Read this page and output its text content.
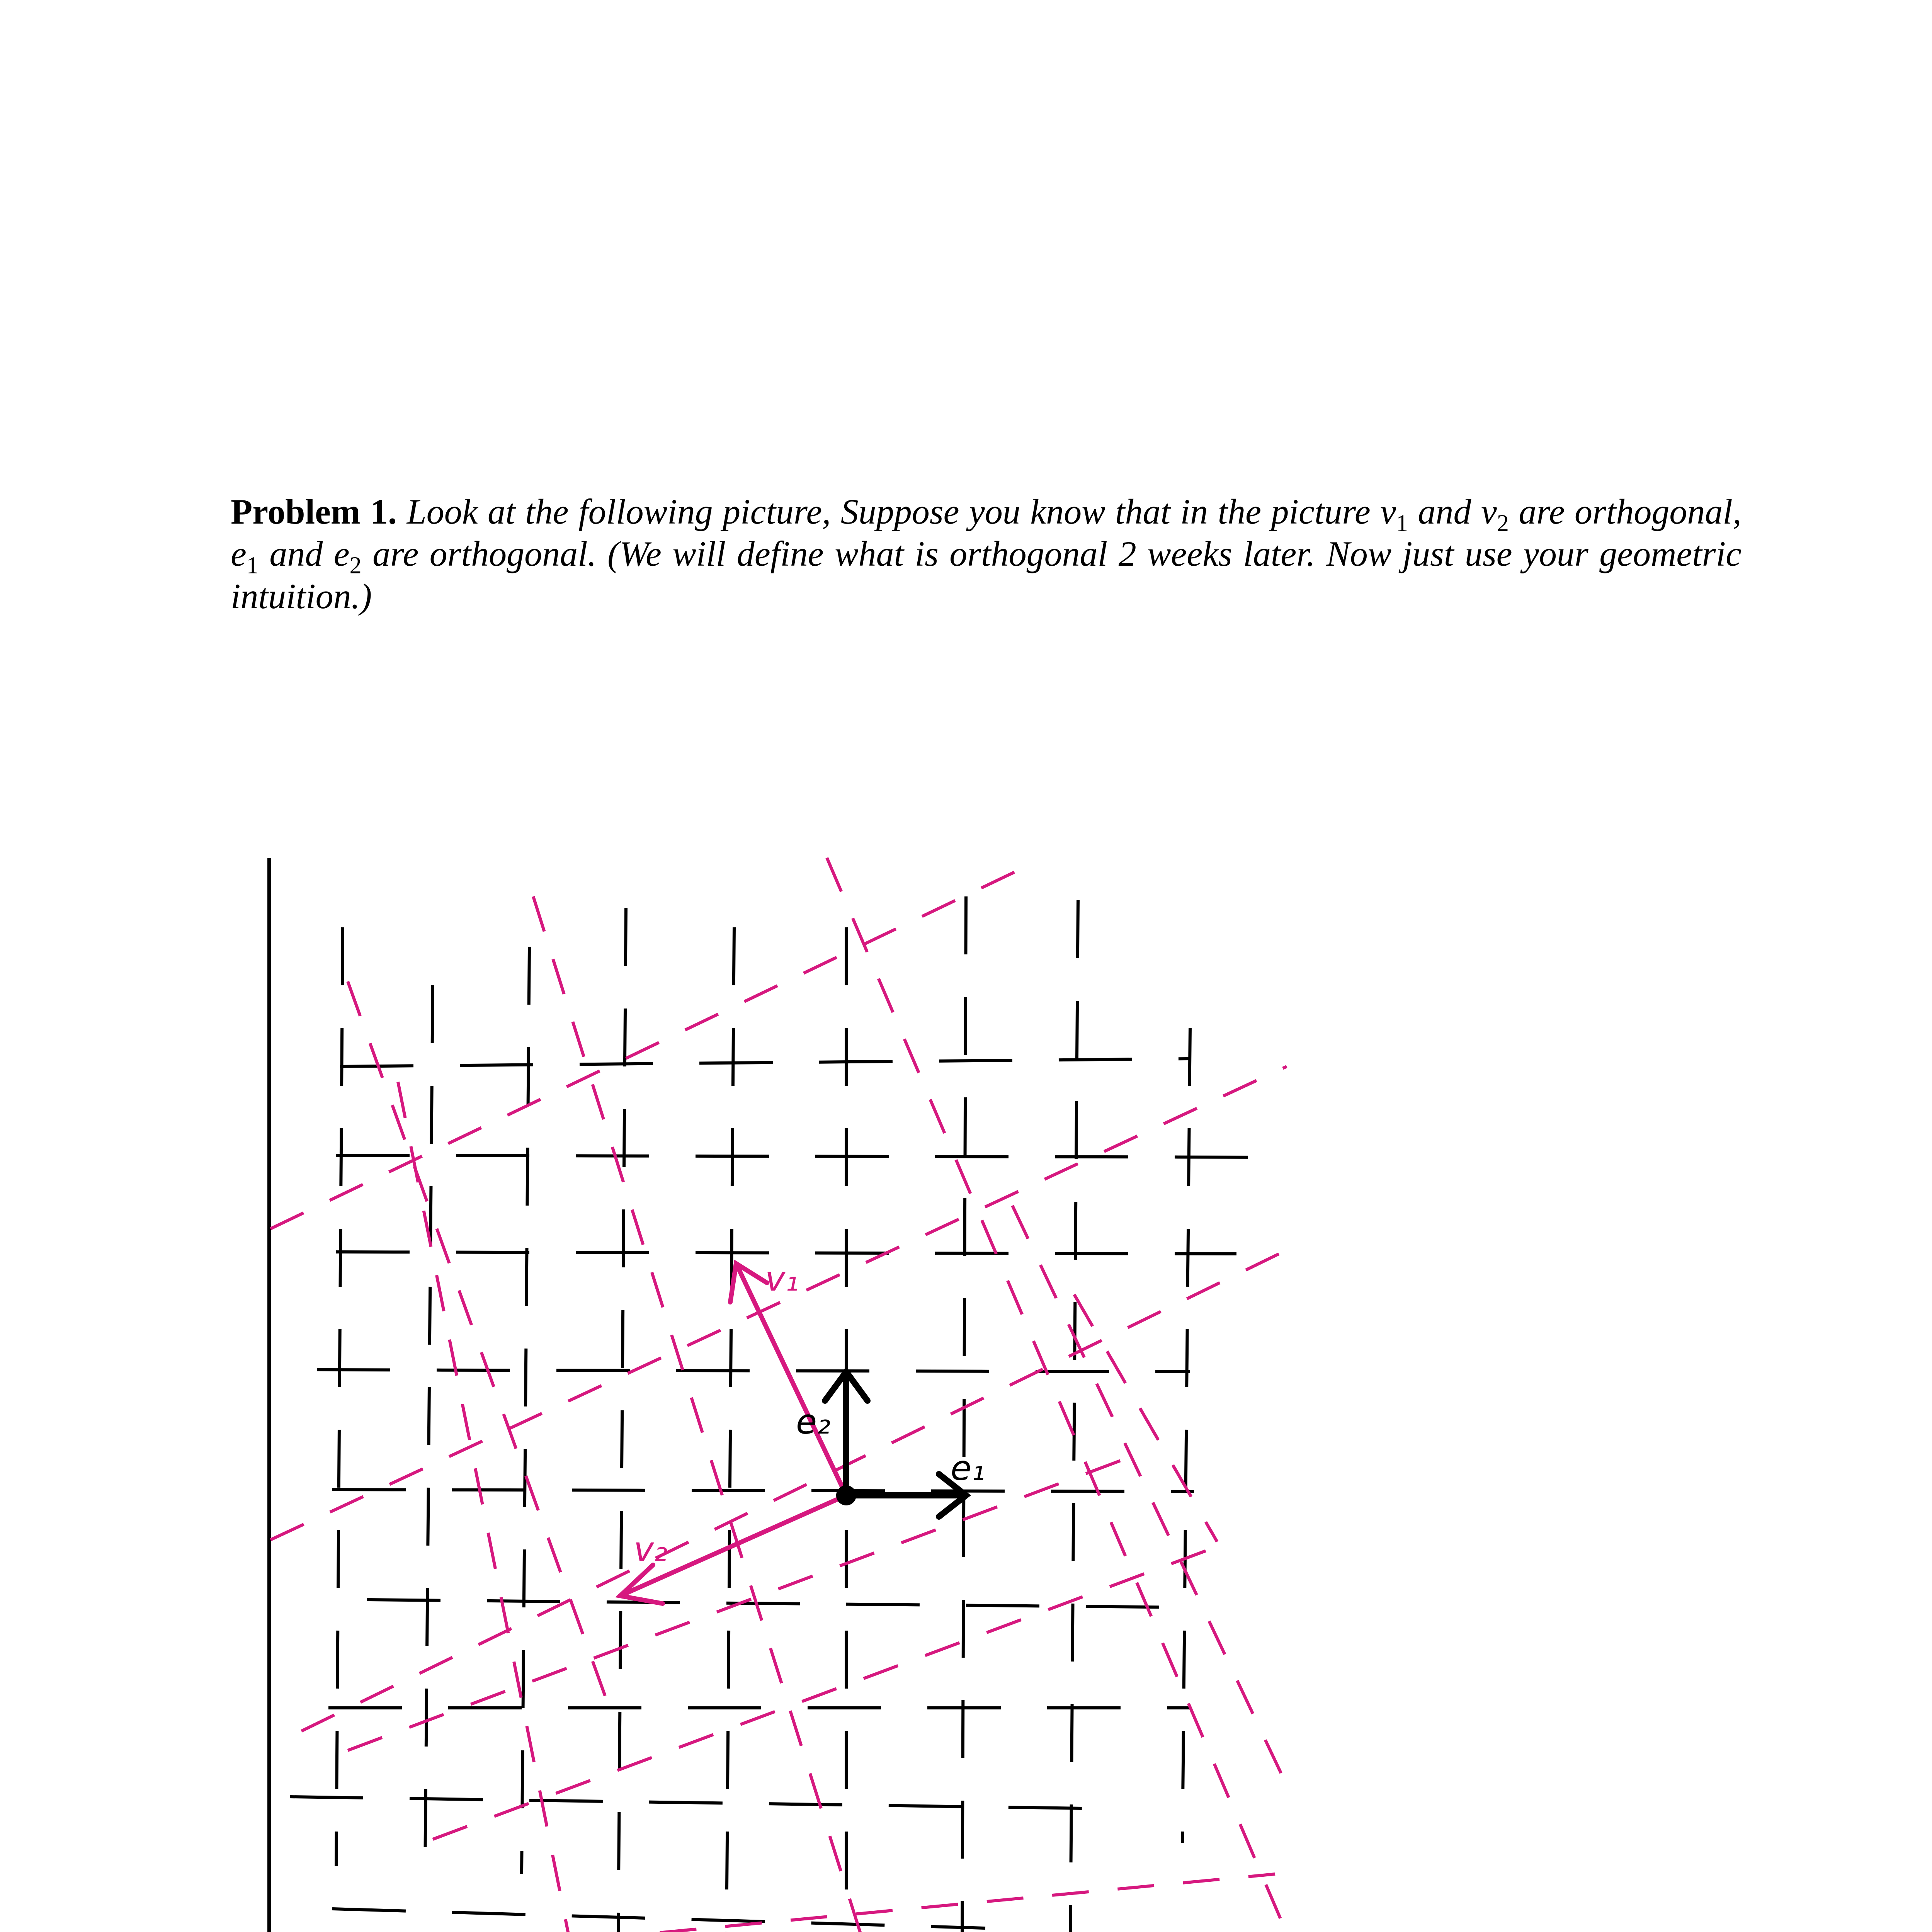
Problem 1. Look at the following picture, Suppose you know that in the picture $v_1$ and $v_2$ are orthogonal, $e_1$ and $e_2$ are orthogonal. (We will define what is orthogonal 2 weeks later. Now just use your geometric intuition.)
v₁
v₂
e₂
e₁
